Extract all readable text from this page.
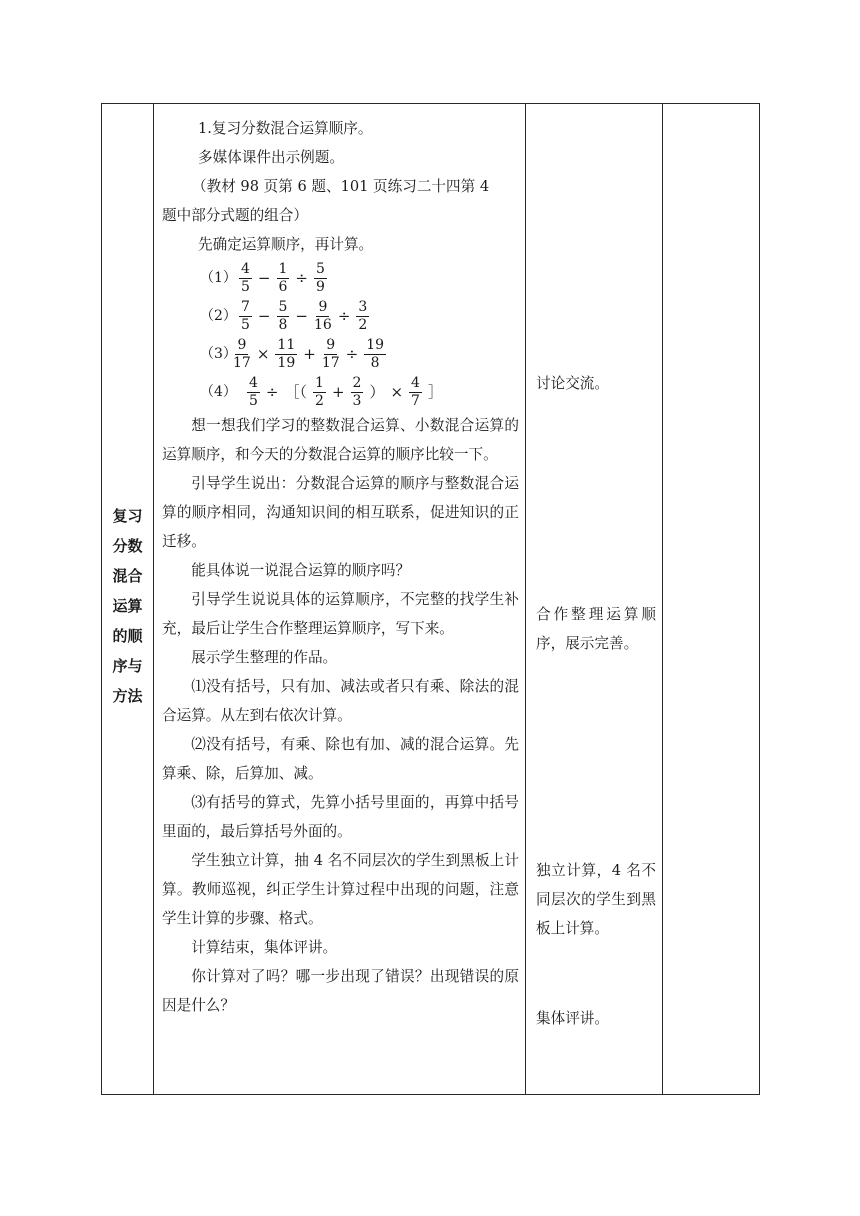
复习
分数
混合
运算
的顺
序与
方法

1.复习分数混合运算顺序。
多媒体课件出示例题。
（教材 98 页第 6 题、101 页练习二十四第 4
题中部分式题的组合）
先确定运算顺序，再计算。
$(1) \frac{4}{5} - \frac{1}{6} \div \frac{5}{9}$
$(2) \frac{7}{5} - \frac{5}{8} - \frac{9}{16} \div \frac{3}{2}$
（3）
$\frac{9}{17} \times \frac{11}{19} + \frac{9}{17} \div \frac{19}{8}$
$(4) \frac{4}{5}$ ÷ ［（ $\frac{1}{2} + \frac{2}{3}$ ） × $\frac{4}{7}$ ］
想一想我们学习的整数混合运算、小数混合运算的运算顺序，和今天的分数混合运算的顺序比较一下。
引导学生说出：分数混合运算的顺序与整数混合运算的顺序相同，沟通知识间的相互联系，促进知识的正迁移。
能具体说一说混合运算的顺序吗？
引导学生说说具体的运算顺序，不完整的找学生补充，最后让学生合作整理运算顺序，写下来。
展示学生整理的作品。
⑴没有括号，只有加、减法或者只有乘、除法的混合运算。从左到右依次计算。
⑵没有括号，有乘、除也有加、减的混合运算。先算乘、除，后算加、减。
⑶有括号的算式，先算小括号里面的，再算中括号里面的，最后算括号外面的。
学生独立计算，抽 4 名不同层次的学生到黑板上计算。教师巡视，纠正学生计算过程中出现的问题，注意学生计算的步骤、格式。
计算结束，集体评讲。
你计算对了吗？哪一步出现了错误？出现错误的原因是什么？

讨论交流。
合作整理运算顺序，展示完善。
独立计算，4 名不同层次的学生到黑板上计算。
集体评讲。
